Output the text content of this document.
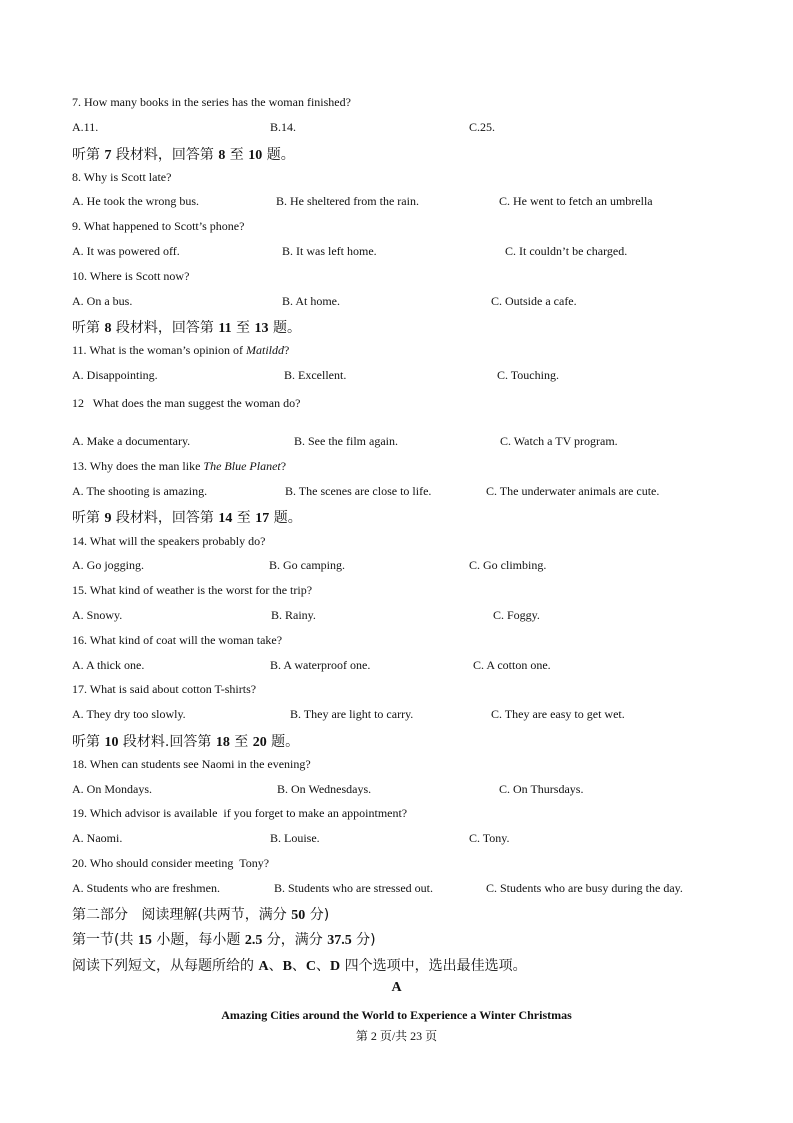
7. How many books in the series has the woman finished?
A.11.	B.14.	C.25.
听第 7 段材料，回答第 8 至 10 题。
8. Why is Scott late?
A. He took the wrong bus.	B. He sheltered from the rain.	C. He went to fetch an umbrella
9. What happened to Scott’s phone?
A. It was powered off.	B. It was left home.	C. It couldn’t be charged.
10. Where is Scott now?
A. On a bus.	B. At home.	C. Outside a cafe.
听第 8 段材料，回答第 11 至 13 题。
11. What is the woman’s opinion of Matildd?
A. Disappointing.	B. Excellent.	C. Touching.
12   What does the man suggest the woman do?
A. Make a documentary.	B. See the film again.	C. Watch a TV program.
13. Why does the man like The Blue Planet?
A. The shooting is amazing.	B. The scenes are close to life.	C. The underwater animals are cute.
听第 9 段材料，回答第 14 至 17 题。
14. What will the speakers probably do?
A. Go jogging.	B. Go camping.	C. Go climbing.
15. What kind of weather is the worst for the trip?
A. Snowy.	B. Rainy.	C. Foggy.
16. What kind of coat will the woman take?
A. A thick one.	B. A waterproof one.	C. A cotton one.
17. What is said about cotton T-shirts?
A. They dry too slowly.	B. They are light to carry.	C. They are easy to get wet.
听第 10 段材料.回答第 18 至 20 题。
18. When can students see Naomi in the evening?
A. On Mondays.	B. On Wednesdays.	C. On Thursdays.
19. Which advisor is available  if you forget to make an appointment?
A. Naomi.	B. Louise.	C. Tony.
20. Who should consider meeting  Tony?
A. Students who are freshmen.	B. Students who are stressed out.	C. Students who are busy during the day.
第二部分   阅读理解(共两节，满分 50 分)
第一节(共 15 小题，每小题 2.5 分，满分 37.5 分)
阅读下列短文，从每题所给的 A、B、C、D 四个选项中，选出最佳选项。
A
Amazing Cities around the World to Experience a Winter Christmas
第 2 页/共 23 页
